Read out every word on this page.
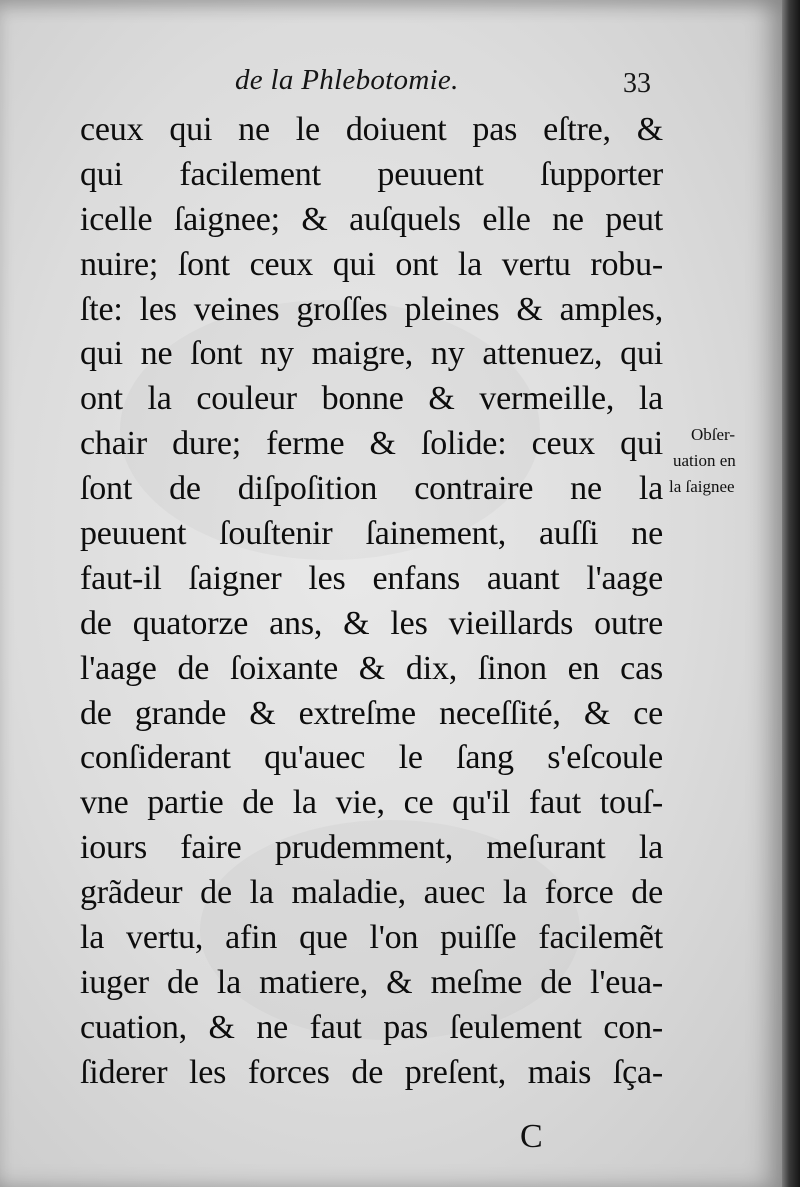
de la Phlebotomie.	33
ceux qui ne le doiuent pas eſtre, &
qui facilement peuuent ſupporter
icelle ſaignee; & auſquels elle ne peut
nuire; ſont ceux qui ont la vertu robu-
ſte: les veines groſſes pleines & amples,
qui ne ſont ny maigre, ny attenuez, qui
ont la couleur bonne & vermeille, la
chair dure; ferme & ſolide: ceux qui
ſont de diſpoſition contraire ne la
peuuent ſouſtenir ſainement, auſſi ne
faut-il ſaigner les enfans auant l'aage
de quatorze ans, & les vieillards outre
l'aage de ſoixante & dix, ſinon en cas
de grande & extreſme neceſſité, & ce
conſiderant qu'auec le ſang s'eſcoule
vne partie de la vie, ce qu'il faut touſ-
iours faire prudemment, meſurant la
grãdeur de la maladie, auec la force de
la vertu, afin que l'on puiſſe facilemẽt
iuger de la matiere, & meſme de l'eua-
cuation, & ne faut pas ſeulement con-
ſiderer les forces de preſent, mais ſça-
Obſer-
uation en
la ſaignee
C
